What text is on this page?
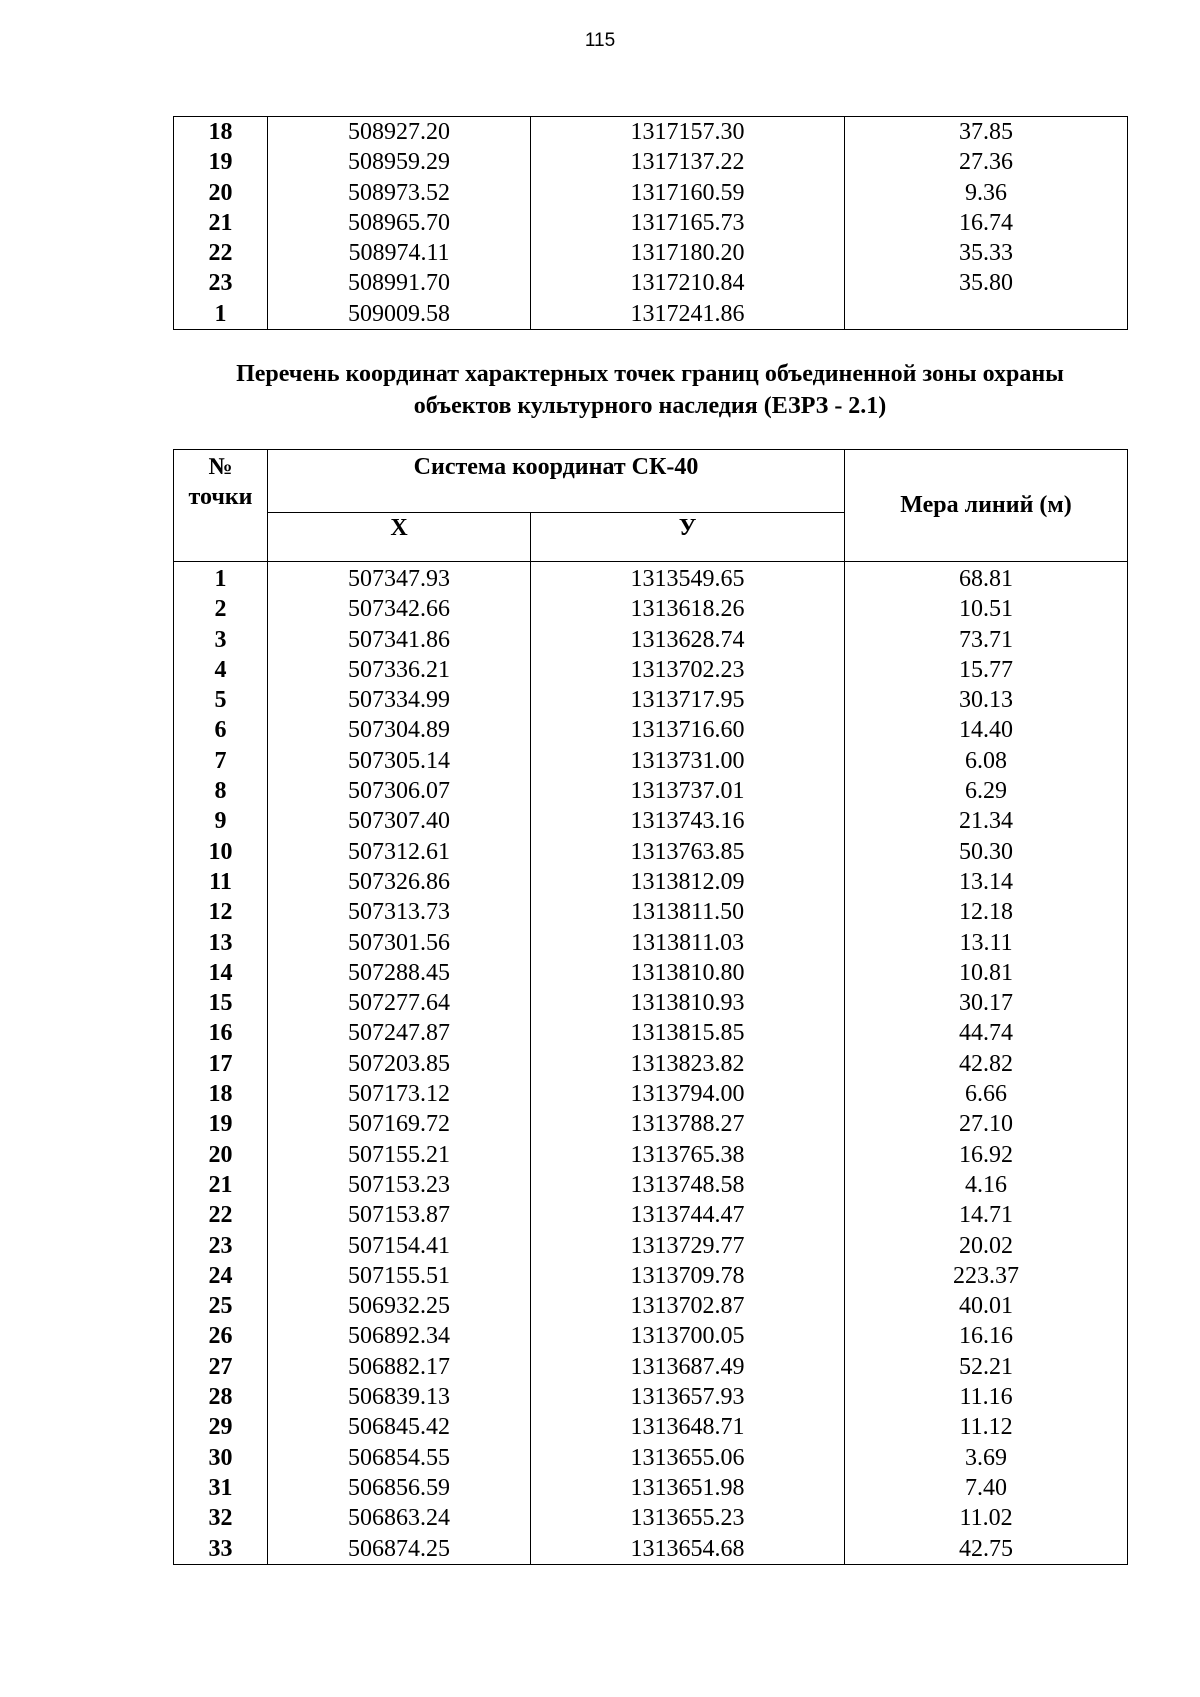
115
18	508927.20	1317157.30	37.85
19	508959.29	1317137.22	27.36
20	508973.52	1317160.59	9.36
21	508965.70	1317165.73	16.74
22	508974.11	1317180.20	35.33
23	508991.70	1317210.84	35.80
1	509009.58	1317241.86	
Перечень координат характерных точек границ объединенной зоны охраны
объектов культурного наследия (ЕЗРЗ - 2.1)
№ точки	Система координат СК-40		Мера линий (м)
	Х	У	
1	507347.93	1313549.65	68.81
2	507342.66	1313618.26	10.51
3	507341.86	1313628.74	73.71
4	507336.21	1313702.23	15.77
5	507334.99	1313717.95	30.13
6	507304.89	1313716.60	14.40
7	507305.14	1313731.00	6.08
8	507306.07	1313737.01	6.29
9	507307.40	1313743.16	21.34
10	507312.61	1313763.85	50.30
11	507326.86	1313812.09	13.14
12	507313.73	1313811.50	12.18
13	507301.56	1313811.03	13.11
14	507288.45	1313810.80	10.81
15	507277.64	1313810.93	30.17
16	507247.87	1313815.85	44.74
17	507203.85	1313823.82	42.82
18	507173.12	1313794.00	6.66
19	507169.72	1313788.27	27.10
20	507155.21	1313765.38	16.92
21	507153.23	1313748.58	4.16
22	507153.87	1313744.47	14.71
23	507154.41	1313729.77	20.02
24	507155.51	1313709.78	223.37
25	506932.25	1313702.87	40.01
26	506892.34	1313700.05	16.16
27	506882.17	1313687.49	52.21
28	506839.13	1313657.93	11.16
29	506845.42	1313648.71	11.12
30	506854.55	1313655.06	3.69
31	506856.59	1313651.98	7.40
32	506863.24	1313655.23	11.02
33	506874.25	1313654.68	42.75
